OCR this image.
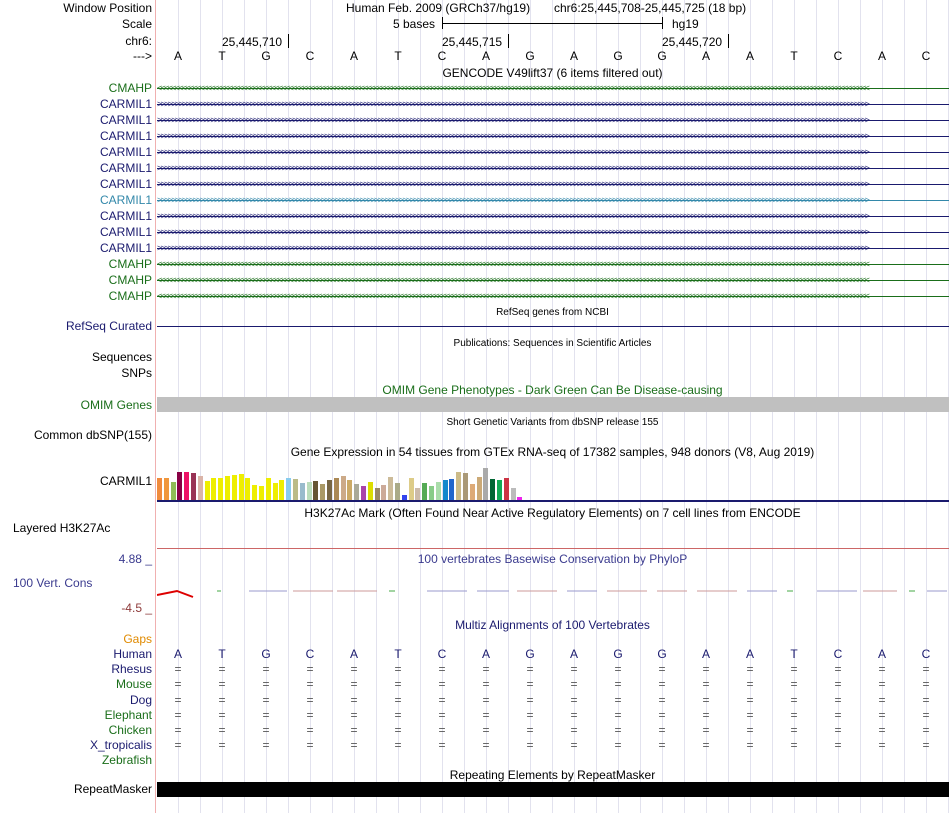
Window Position	Human Feb. 2009 (GRCh37/hg19) chr6:25,445,708-25,445,725 (18 bp)
Scale	5 bases	hg19
chr6:	25,445,710	25,445,715	25,445,720
--->	A	T	G	C	A	T	C	A	G	A	G	G	A	A	T	C	A	C
GENCODE V49lift37 (6 items filtered out)
CMAHP <<<<<<<<<<<<<<<<<<<<<<<<<<<<<<<<<<<<<<<<<<<<<<<<<<<<<<<<<<<<<<<<<<<<<<<<<<<<<<<<<<<<<<<<<<<<<<<<<<<<<<<<<<<<<<<<<<<<<<<<<<<<<<<<<<<<<<<<<<<<<<<<<<<<<<<<<<<<<<<<<<<<<<<<<<<<<<<<<<<<<<<<<<<<<<<<<<<<<<<<
CARMIL1 >>>>>>>>>>>>>>>>>>>>>>>>>>>>>>>>>>>>>>>>>>>>>>>>>>>>>>>>>>>>>>>>>>>>>>>>>>>>>>>>>>>>>>>>>>>>>>>>>>>>>>>>>>>>>>>>>>>>>>>>>>>>>>>>>>>>>>>>>>>>>>>>>>>>>>>>>>>>>>>>>>>>>>>>>>>>>>>>>>>>>>>>>>>>>>>>>>>>>>>>
CARMIL1 >>>>>>>>>>>>>>>>>>>>>>>>>>>>>>>>>>>>>>>>>>>>>>>>>>>>>>>>>>>>>>>>>>>>>>>>>>>>>>>>>>>>>>>>>>>>>>>>>>>>>>>>>>>>>>>>>>>>>>>>>>>>>>>>>>>>>>>>>>>>>>>>>>>>>>>>>>>>>>>>>>>>>>>>>>>>>>>>>>>>>>>>>>>>>>>>>>>>>>>>
CARMIL1 >>>>>>>>>>>>>>>>>>>>>>>>>>>>>>>>>>>>>>>>>>>>>>>>>>>>>>>>>>>>>>>>>>>>>>>>>>>>>>>>>>>>>>>>>>>>>>>>>>>>>>>>>>>>>>>>>>>>>>>>>>>>>>>>>>>>>>>>>>>>>>>>>>>>>>>>>>>>>>>>>>>>>>>>>>>>>>>>>>>>>>>>>>>>>>>>>>>>>>>>
CARMIL1 >>>>>>>>>>>>>>>>>>>>>>>>>>>>>>>>>>>>>>>>>>>>>>>>>>>>>>>>>>>>>>>>>>>>>>>>>>>>>>>>>>>>>>>>>>>>>>>>>>>>>>>>>>>>>>>>>>>>>>>>>>>>>>>>>>>>>>>>>>>>>>>>>>>>>>>>>>>>>>>>>>>>>>>>>>>>>>>>>>>>>>>>>>>>>>>>>>>>>>>>
CARMIL1 >>>>>>>>>>>>>>>>>>>>>>>>>>>>>>>>>>>>>>>>>>>>>>>>>>>>>>>>>>>>>>>>>>>>>>>>>>>>>>>>>>>>>>>>>>>>>>>>>>>>>>>>>>>>>>>>>>>>>>>>>>>>>>>>>>>>>>>>>>>>>>>>>>>>>>>>>>>>>>>>>>>>>>>>>>>>>>>>>>>>>>>>>>>>>>>>>>>>>>>>
CARMIL1 >>>>>>>>>>>>>>>>>>>>>>>>>>>>>>>>>>>>>>>>>>>>>>>>>>>>>>>>>>>>>>>>>>>>>>>>>>>>>>>>>>>>>>>>>>>>>>>>>>>>>>>>>>>>>>>>>>>>>>>>>>>>>>>>>>>>>>>>>>>>>>>>>>>>>>>>>>>>>>>>>>>>>>>>>>>>>>>>>>>>>>>>>>>>>>>>>>>>>>>>
CARMIL1 >>>>>>>>>>>>>>>>>>>>>>>>>>>>>>>>>>>>>>>>>>>>>>>>>>>>>>>>>>>>>>>>>>>>>>>>>>>>>>>>>>>>>>>>>>>>>>>>>>>>>>>>>>>>>>>>>>>>>>>>>>>>>>>>>>>>>>>>>>>>>>>>>>>>>>>>>>>>>>>>>>>>>>>>>>>>>>>>>>>>>>>>>>>>>>>>>>>>>>>>
CARMIL1 >>>>>>>>>>>>>>>>>>>>>>>>>>>>>>>>>>>>>>>>>>>>>>>>>>>>>>>>>>>>>>>>>>>>>>>>>>>>>>>>>>>>>>>>>>>>>>>>>>>>>>>>>>>>>>>>>>>>>>>>>>>>>>>>>>>>>>>>>>>>>>>>>>>>>>>>>>>>>>>>>>>>>>>>>>>>>>>>>>>>>>>>>>>>>>>>>>>>>>>>
CARMIL1 >>>>>>>>>>>>>>>>>>>>>>>>>>>>>>>>>>>>>>>>>>>>>>>>>>>>>>>>>>>>>>>>>>>>>>>>>>>>>>>>>>>>>>>>>>>>>>>>>>>>>>>>>>>>>>>>>>>>>>>>>>>>>>>>>>>>>>>>>>>>>>>>>>>>>>>>>>>>>>>>>>>>>>>>>>>>>>>>>>>>>>>>>>>>>>>>>>>>>>>>
CARMIL1 >>>>>>>>>>>>>>>>>>>>>>>>>>>>>>>>>>>>>>>>>>>>>>>>>>>>>>>>>>>>>>>>>>>>>>>>>>>>>>>>>>>>>>>>>>>>>>>>>>>>>>>>>>>>>>>>>>>>>>>>>>>>>>>>>>>>>>>>>>>>>>>>>>>>>>>>>>>>>>>>>>>>>>>>>>>>>>>>>>>>>>>>>>>>>>>>>>>>>>>>
CMAHP <<<<<<<<<<<<<<<<<<<<<<<<<<<<<<<<<<<<<<<<<<<<<<<<<<<<<<<<<<<<<<<<<<<<<<<<<<<<<<<<<<<<<<<<<<<<<<<<<<<<<<<<<<<<<<<<<<<<<<<<<<<<<<<<<<<<<<<<<<<<<<<<<<<<<<<<<<<<<<<<<<<<<<<<<<<<<<<<<<<<<<<<<<<<<<<<<<<<<<<<
CMAHP <<<<<<<<<<<<<<<<<<<<<<<<<<<<<<<<<<<<<<<<<<<<<<<<<<<<<<<<<<<<<<<<<<<<<<<<<<<<<<<<<<<<<<<<<<<<<<<<<<<<<<<<<<<<<<<<<<<<<<<<<<<<<<<<<<<<<<<<<<<<<<<<<<<<<<<<<<<<<<<<<<<<<<<<<<<<<<<<<<<<<<<<<<<<<<<<<<<<<<<<
CMAHP <<<<<<<<<<<<<<<<<<<<<<<<<<<<<<<<<<<<<<<<<<<<<<<<<<<<<<<<<<<<<<<<<<<<<<<<<<<<<<<<<<<<<<<<<<<<<<<<<<<<<<<<<<<<<<<<<<<<<<<<<<<<<<<<<<<<<<<<<<<<<<<<<<<<<<<<<<<<<<<<<<<<<<<<<<<<<<<<<<<<<<<<<<<<<<<<<<<<<<<<
RefSeq genes from NCBI
RefSeq Curated
Publications: Sequences in Scientific Articles
Sequences
SNPs
OMIM Gene Phenotypes - Dark Green Can Be Disease-causing
OMIM Genes
Short Genetic Variants from dbSNP release 155
Common dbSNP(155)
Gene Expression in 54 tissues from GTEx RNA-seq of 17382 samples, 948 donors (V8, Aug 2019)
CARMIL1
H3K27Ac Mark (Often Found Near Active Regulatory Elements) on 7 cell lines from ENCODE
Layered H3K27Ac
100 vertebrates Basewise Conservation by PhyloP
4.88 _
100 Vert. Cons
-4.5 _
Multiz Alignments of 100 Vertebrates
Gaps
Human	A	T	G	C	A	T	C	A	G	A	G	G	A	A	T	C	A	C
Rhesus	=	=	=	=	=	=	=	=	=	=	=	=	=	=	=	=	=	=
Mouse	=	=	=	=	=	=	=	=	=	=	=	=	=	=	=	=	=	=
Dog	=	=	=	=	=	=	=	=	=	=	=	=	=	=	=	=	=	=
Elephant	=	=	=	=	=	=	=	=	=	=	=	=	=	=	=	=	=	=
Chicken	=	=	=	=	=	=	=	=	=	=	=	=	=	=	=	=	=	=
X_tropicalis	=	=	=	=	=	=	=	=	=	=	=	=	=	=	=	=	=	=
Zebrafish
Repeating Elements by RepeatMasker
RepeatMasker
